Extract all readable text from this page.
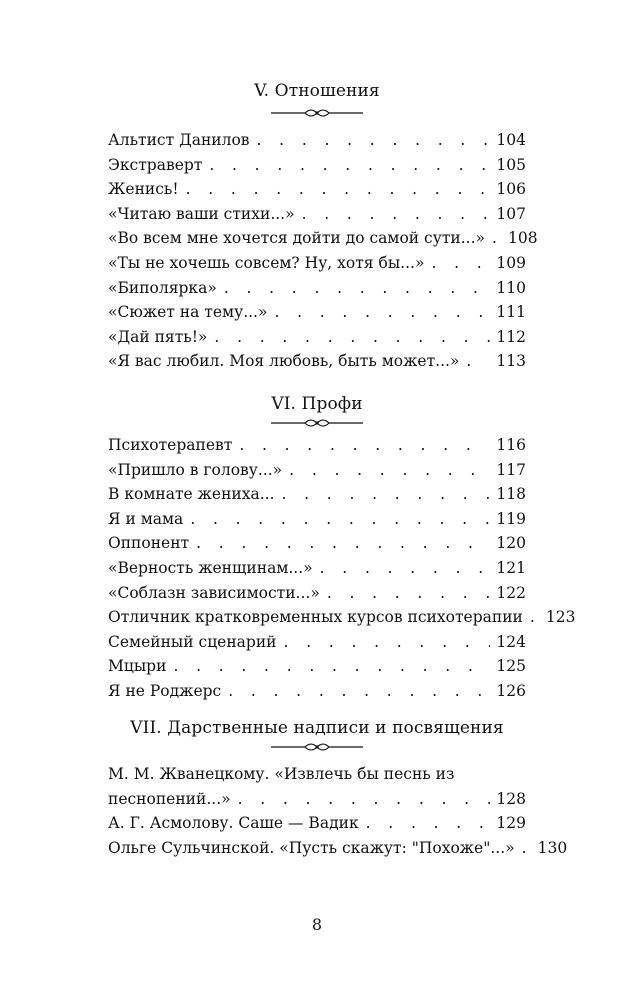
V. Отношения
Альтист Данилов . . .	104
Экстраверт . . .	105
Женись! . . .	106
«Читаю ваши стихи...» . . .	107
«Во всем мне хочется дойти до самой сути...» . . . 108
«Ты не хочешь совсем? Ну, хотя бы...» . . .	109
«Биполярка» . . .	110
«Сюжет на тему...» . . .	111
«Дай пять!» . . .	112
«Я вас любил. Моя любовь, быть может...» . . . 113
VI. Профи
Психотерапевт . . .	116
«Пришло в голову...» . . .	117
В комнате жениха... . . .	118
Я и мама . . .	119
Оппонент . . .	120
«Верность женщинам...» . . .	121
«Соблазн зависимости...» . . .	122
Отличник кратковременных курсов психотерапии . . . 123
Семейный сценарий . . .	124
Мцыри . . .	125
Я не Роджерс . . .	126
VII. Дарственные надписи и посвящения
М. М. Жванецкому. «Извлечь бы песнь из
песнопений...» . . .	128
А. Г. Асмолову. Саше — Вадик . . .	129
Ольге Сульчинской. «Пусть скажут: "Похоже"...» . . . 130
8
